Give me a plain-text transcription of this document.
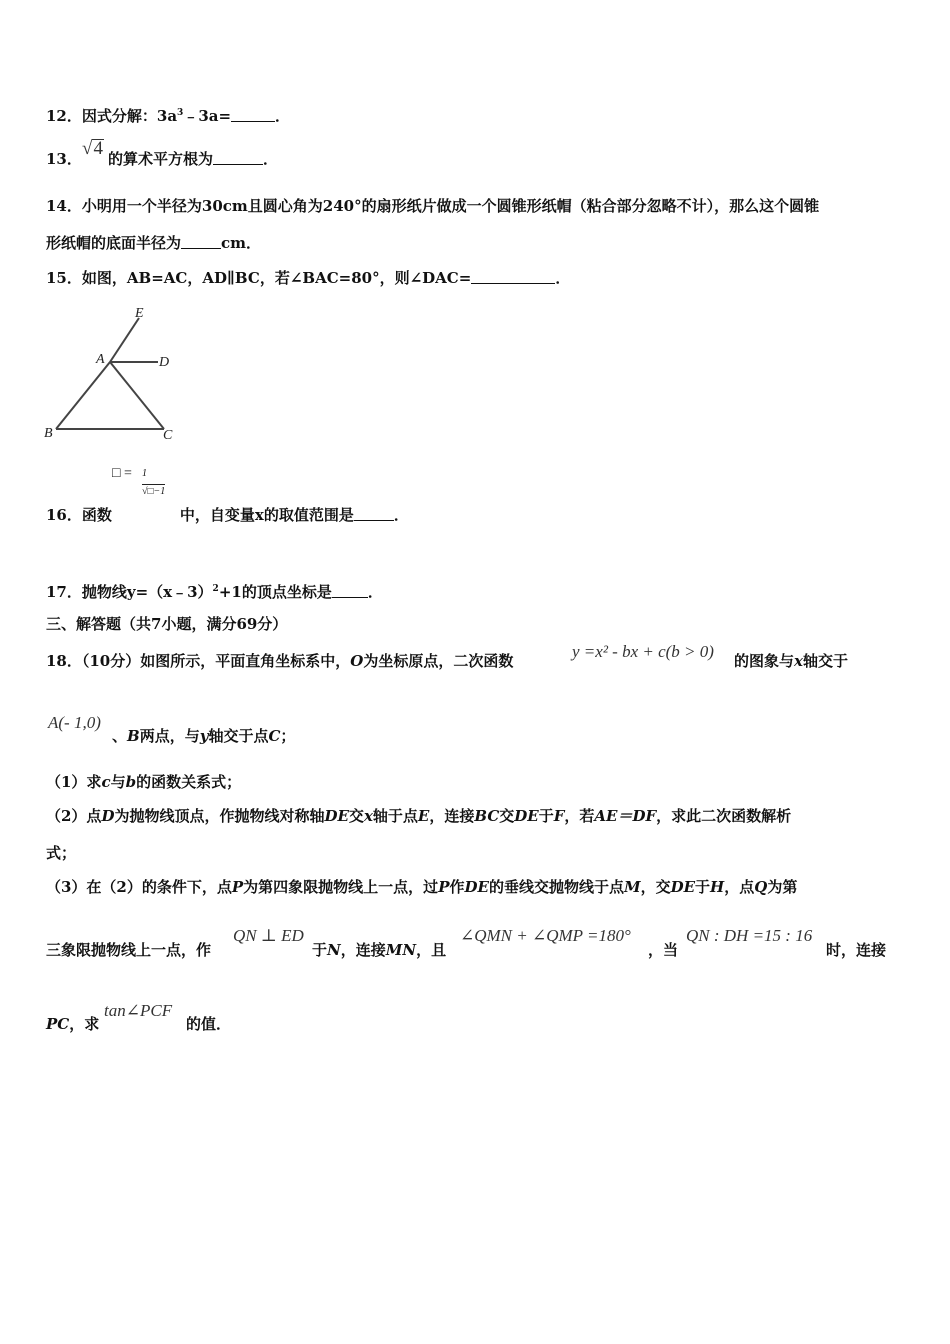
12．因式分解：$3a^3﹣3a=$	．
13． √4 的算术平方根为	．
14．小明用一个半径为30cm且圆心角为240°的扇形纸片做成一个圆锥形纸帽（粘合部分忽略不计），那么这个圆锥
形纸帽的底面半径为	cm．
15．如图，AB=AC，AD∥BC，若∠BAC=80°，则∠DAC=	．
E
A	D
B	C
□ = 1
√□−1
16．函数	中，自变量x的取值范围是	．
17．抛物线y=（x﹣3）$^2$+1的顶点坐标是 ．
三、解答题（共7小题，满分69分）
18．（10分）如图所示，平面直角坐标系中，O为坐标原点，二次函数	y =x² - bx + c(b > 0) 的图象与x轴交于
A(- 1,0)
、B两点，与y轴交于点C；
（1）求c与b的函数关系式；
（2）点D为抛物线顶点，作抛物线对称轴DE交x轴于点E，连接BC交DE于F，若AE＝DF，求此二次函数解析
式；
（3）在（2）的条件下，点P为第四象限抛物线上一点，过P作DE的垂线交抛物线于点M，交DE于H，点Q为第
三象限抛物线上一点，作
QN ⊥ ED
于N，连接MN，且
∠QMN + ∠QMP =180°
，当
QN : DH =15 : 16
时，连接
PC，求
tan∠PCF
的值．
